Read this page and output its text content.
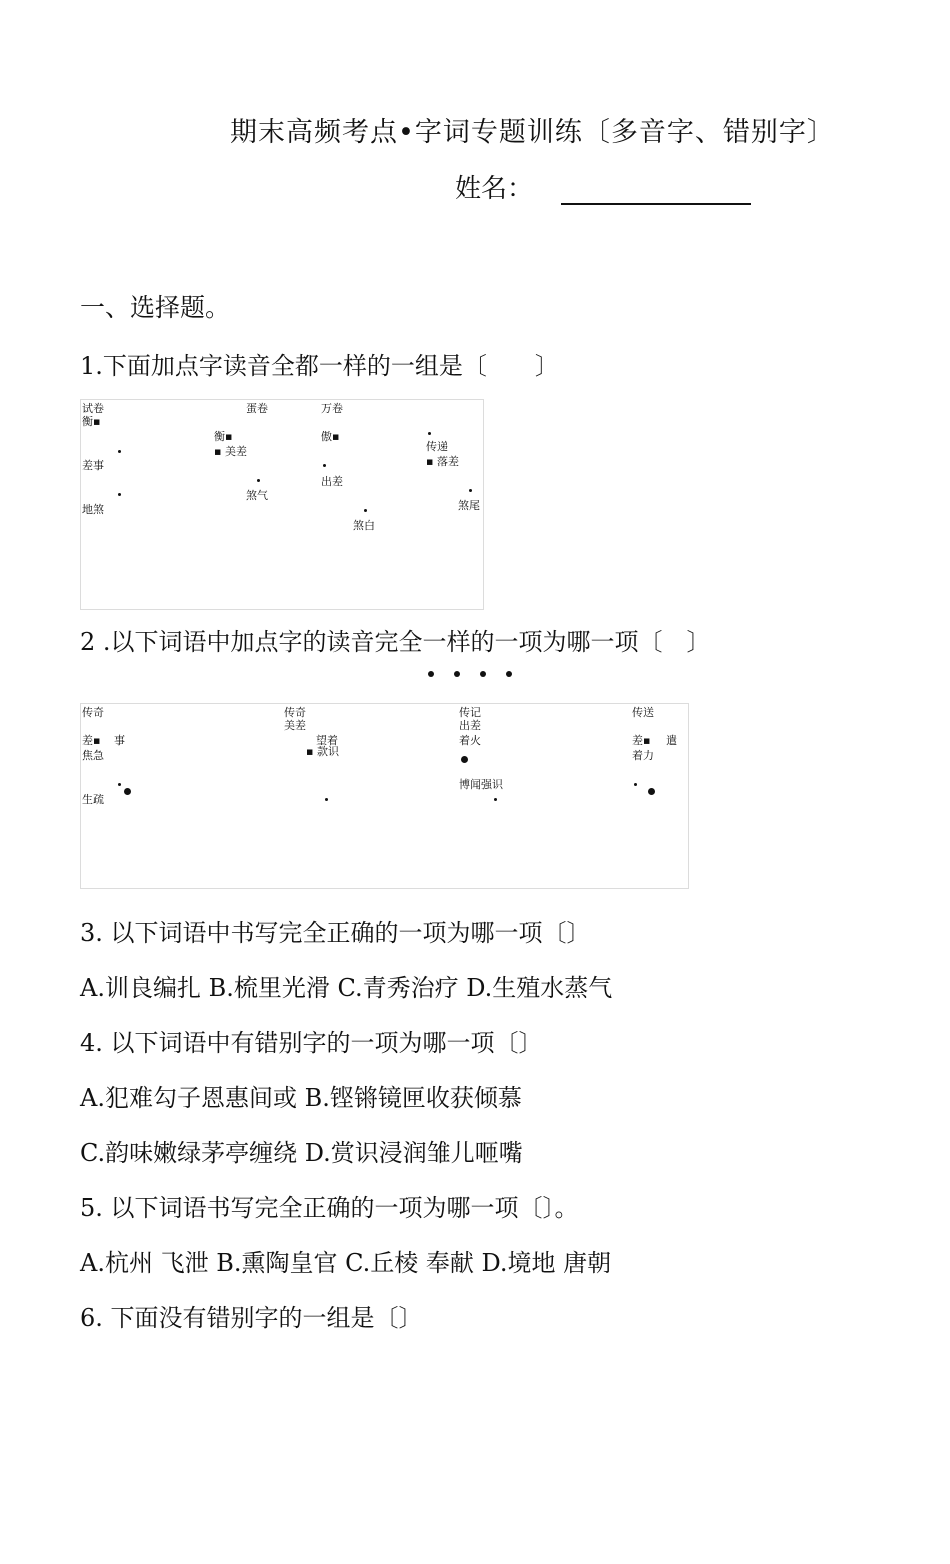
期末高频考点•字词专题训练〔多音字、错别字〕
姓名：
一、选择题。
1.下面加点字读音全都一样的一组是〔　　〕
试卷
衡▪
差事
地煞
蛋卷
衡▪
▪ 美差
煞气
万卷
傲▪
出差
煞白
传递
▪ 落差
煞尾
2 .以下词语中加点字的读音完全一样的一项为哪一项〔　〕
传奇
差▪ 事
焦急
生疏
传奇
美差
望着
▪ 款识
传记
出差
着火
博闻强识
传送
差▪ 遣
着力
3. 以下词语中书写完全正确的一项为哪一项〔〕
A.训良编扎 B.梳里光滑 C.青秀治疗 D.生殖水蒸气
4. 以下词语中有错别字的一项为哪一项〔〕
A.犯难勾子恩惠间或 B.铿锵镜匣收获倾慕
C.韵味嫩绿茅亭缠绕 D.赏识浸润雏儿咂嘴
5. 以下词语书写完全正确的一项为哪一项〔〕。
A.杭州 飞泄 B.熏陶皇官 C.丘棱 奉献 D.境地 唐朝
6. 下面没有错别字的一组是〔〕
